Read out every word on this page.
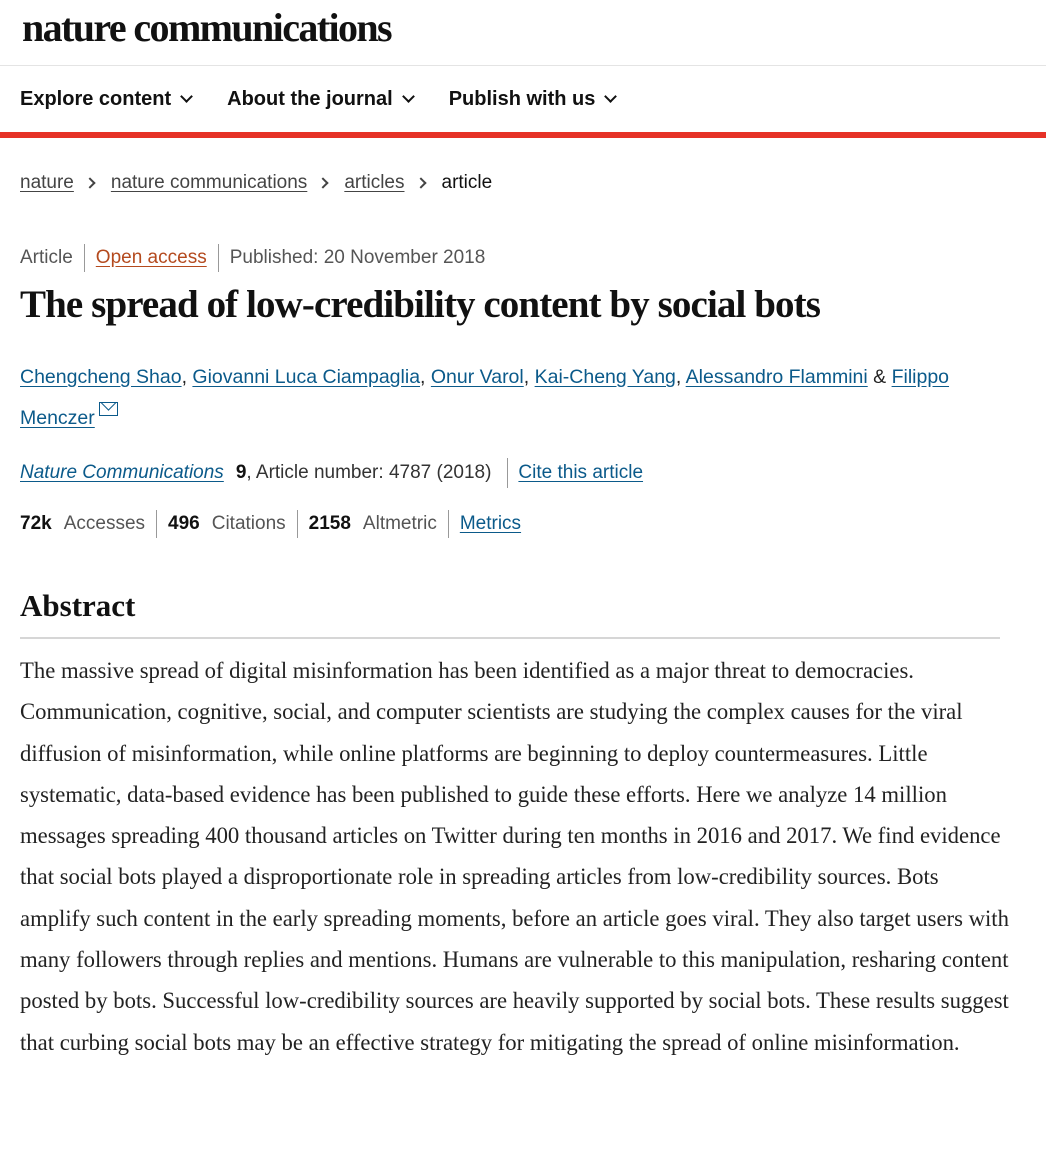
nature communications
Explore content	About the journal	Publish with us
nature nature communications articles article
Article Open access Published: 20 November 2018
The spread of low-credibility content by social bots
Chengcheng Shao, Giovanni Luca Ciampaglia, Onur Varol, Kai-Cheng Yang, Alessandro Flammini & Filippo Menczer
Nature Communications 9 , Article number: 4787 (2018) Cite this article
72k Accesses 496 Citations 2158 Altmetric Metrics
Abstract

The massive spread of digital misinformation has been identified as a major threat to democracies. Communication, cognitive, social, and computer scientists are studying the complex causes for the viral diffusion of misinformation, while online platforms are beginning to deploy countermeasures. Little systematic, data-based evidence has been published to guide these efforts. Here we analyze 14 million messages spreading 400 thousand articles on Twitter during ten months in 2016 and 2017. We find evidence that social bots played a disproportionate role in spreading articles from low-credibility sources. Bots amplify such content in the early spreading moments, before an article goes viral. They also target users with many followers through replies and mentions. Humans are vulnerable to this manipulation, resharing content posted by bots. Successful low-credibility sources are heavily supported by social bots. These results suggest that curbing social bots may be an effective strategy for mitigating the spread of online misinformation.
